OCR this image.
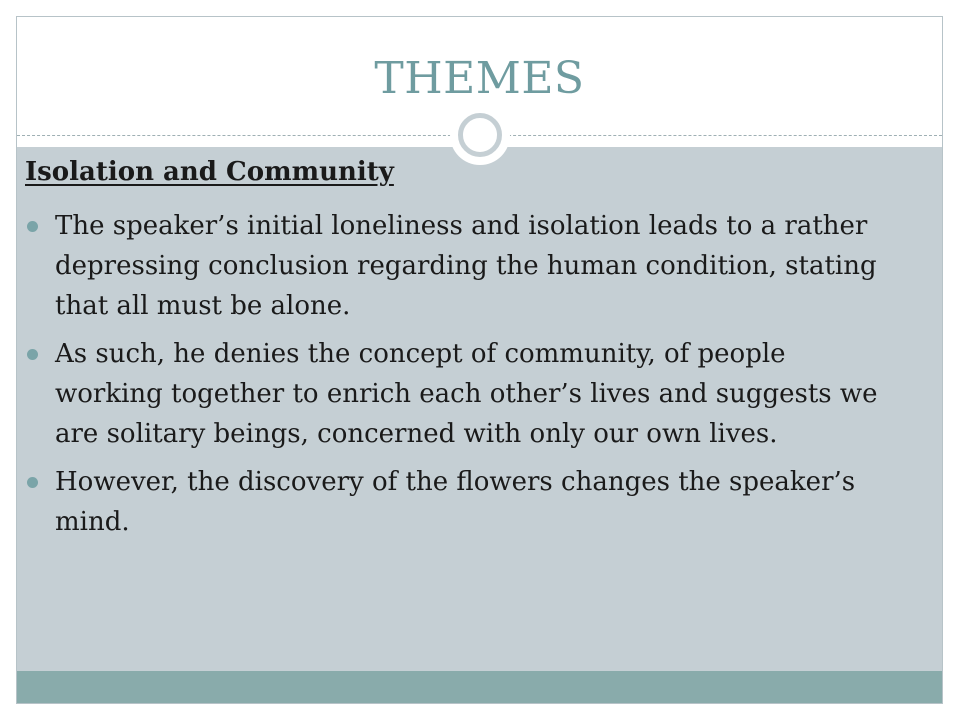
THEMES
Isolation and Community
The speaker’s initial loneliness and isolation leads to a rather depressing conclusion regarding the human condition, stating that all must be alone.
As such, he denies the concept of community, of people working together to enrich each other’s lives and suggests we are solitary beings, concerned with only our own lives.
However, the discovery of the flowers changes the speaker’s mind.
